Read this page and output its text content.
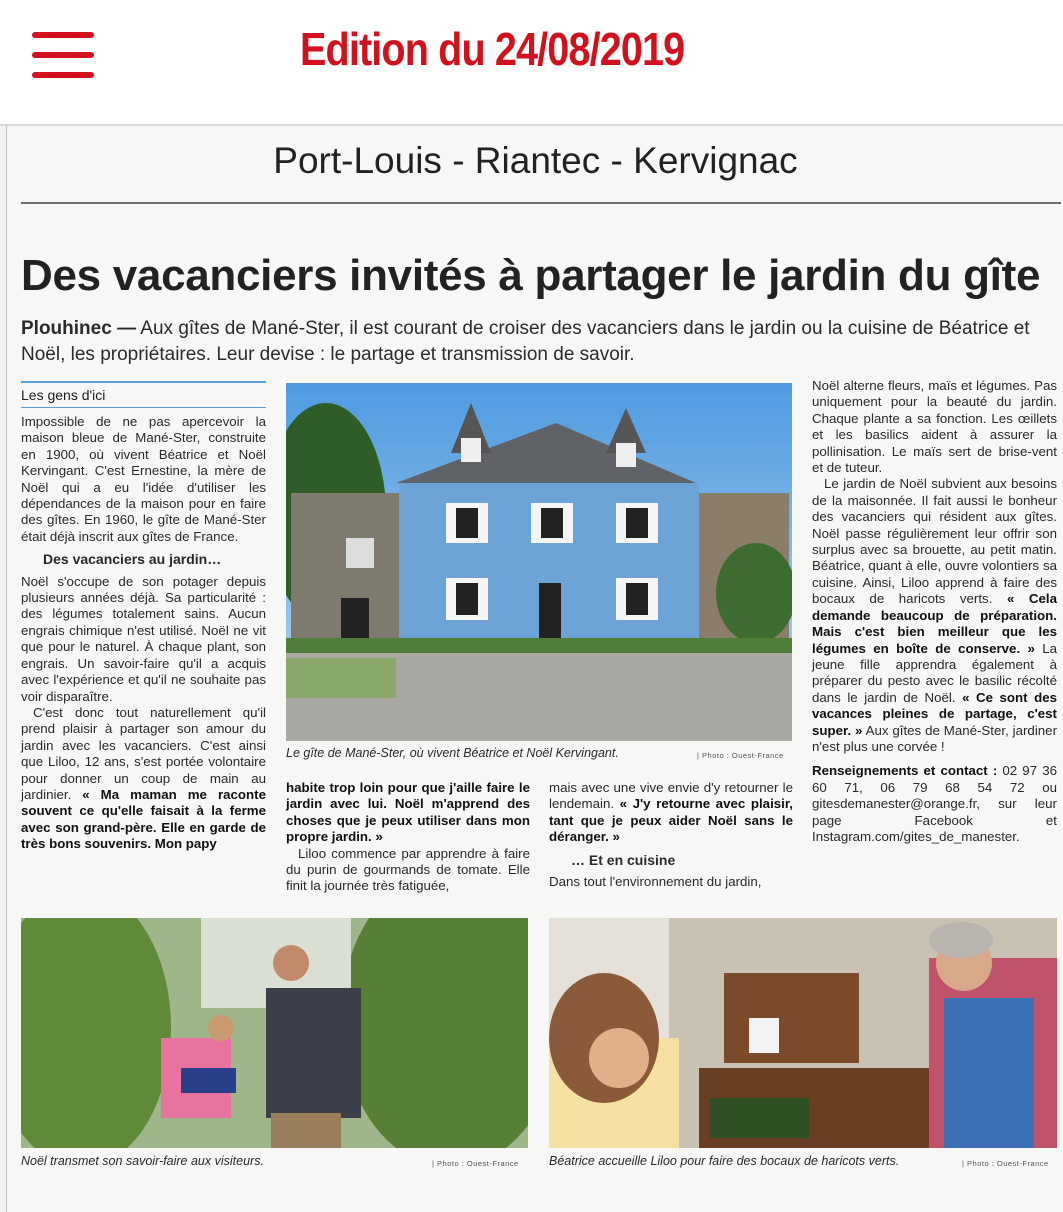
Edition du 24/08/2019
Port-Louis - Riantec - Kervignac
Des vacanciers invités à partager le jardin du gîte
Plouhinec — Aux gîtes de Mané-Ster, il est courant de croiser des vacanciers dans le jardin ou la cuisine de Béatrice et Noël, les propriétaires. Leur devise : le partage et transmission de savoir.
Les gens d'ici

Impossible de ne pas apercevoir la maison bleue de Mané-Ster, construite en 1900, où vivent Béatrice et Noël Kervingant. C'est Ernestine, la mère de Noël qui a eu l'idée d'utiliser les dépendances de la maison pour en faire des gîtes. En 1960, le gîte de Mané-Ster était déjà inscrit aux gîtes de France.

Des vacanciers au jardin…

Noël s'occupe de son potager depuis plusieurs années déjà. Sa particularité : des légumes totalement sains. Aucun engrais chimique n'est utilisé. Noël ne vit que pour le naturel. À chaque plant, son engrais. Un savoir-faire qu'il a acquis avec l'expérience et qu'il ne souhaite pas voir disparaître.

C'est donc tout naturellement qu'il prend plaisir à partager son amour du jardin avec les vacanciers. C'est ainsi que Liloo, 12 ans, s'est portée volontaire pour donner un coup de main au jardinier. « Ma maman me raconte souvent ce qu'elle faisait à la ferme avec son grand-père. Elle en garde de très bons souvenirs. Mon papy

Le gîte de Mané-Ster, où vivent Béatrice et Noël Kervingant.	| Photo : Ouest-France

habite trop loin pour que j'aille faire le jardin avec lui. Noël m'apprend des choses que je peux utiliser dans mon propre jardin. »

Liloo commence par apprendre à faire du purin de gourmands de tomate. Elle finit la journée très fatiguée,

mais avec une vive envie d'y retourner le lendemain. « J'y retourne avec plaisir, tant que je peux aider Noël sans le déranger. »

… Et en cuisine

Dans tout l'environnement du jardin,

Noël alterne fleurs, maïs et légumes. Pas uniquement pour la beauté du jardin. Chaque plante a sa fonction. Les œillets et les basilics aident à assurer la pollinisation. Le maïs sert de brise-vent et de tuteur.

Le jardin de Noël subvient aux besoins de la maisonnée. Il fait aussi le bonheur des vacanciers qui résident aux gîtes. Noël passe régulièrement leur offrir son surplus avec sa brouette, au petit matin. Béatrice, quant à elle, ouvre volontiers sa cuisine. Ainsi, Liloo apprend à faire des bocaux de haricots verts. « Cela demande beaucoup de préparation. Mais c'est bien meilleur que les légumes en boîte de conserve. » La jeune fille apprendra également à préparer du pesto avec le basilic récolté dans le jardin de Noël. « Ce sont des vacances pleines de partage, c'est super. » Aux gîtes de Mané-Ster, jardiner n'est plus une corvée !

Renseignements et contact : 02 97 36 60 71, 06 79 68 54 72 ou gitesdemanester@orange.fr, sur leur page Facebook et Instagram.com/gites_de_manester.

Noël transmet son savoir-faire aux visiteurs.	| Photo : Ouest-France Béatrice accueille Liloo pour faire des bocaux de haricots verts.	| Photo : Ouest-France
